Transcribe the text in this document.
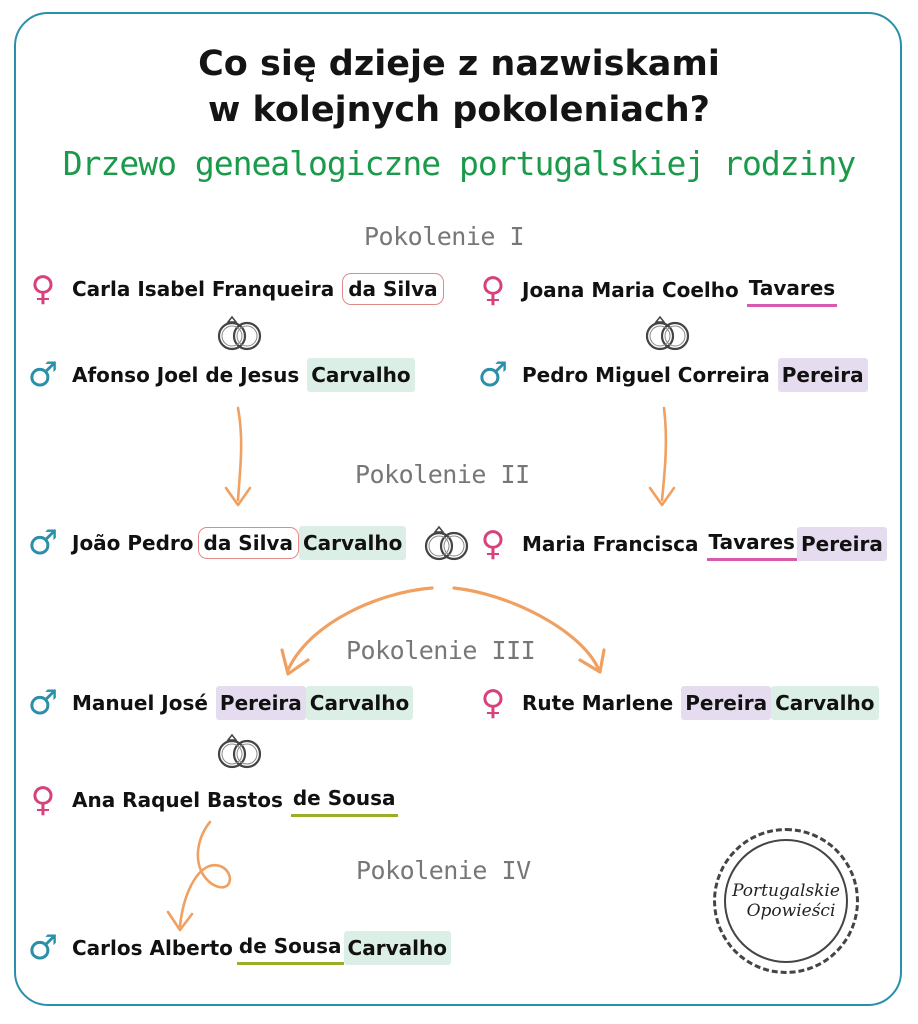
Co się dzieje z nazwiskami
w kolejnych pokoleniach?
Drzewo genealogiczne portugalskiej rodziny
Pokolenie I
Pokolenie II
Pokolenie III
Pokolenie IV
♀ Carla Isabel Franqueira da Silva ♀ Joana Maria Coelho Tavares
♂ Afonso Joel de Jesus Carvalho ♂ Pedro Miguel Correira Pereira
♂ João Pedro da Silva Carvalho ♀ Maria Francisca Tavares Pereira
♂ Manuel José Pereira Carvalho ♀ Rute Marlene Pereira Carvalho
♀ Ana Raquel Bastos de Sousa
♂ Carlos Alberto de Sousa Carvalho
Portugalskie
Opowieści
